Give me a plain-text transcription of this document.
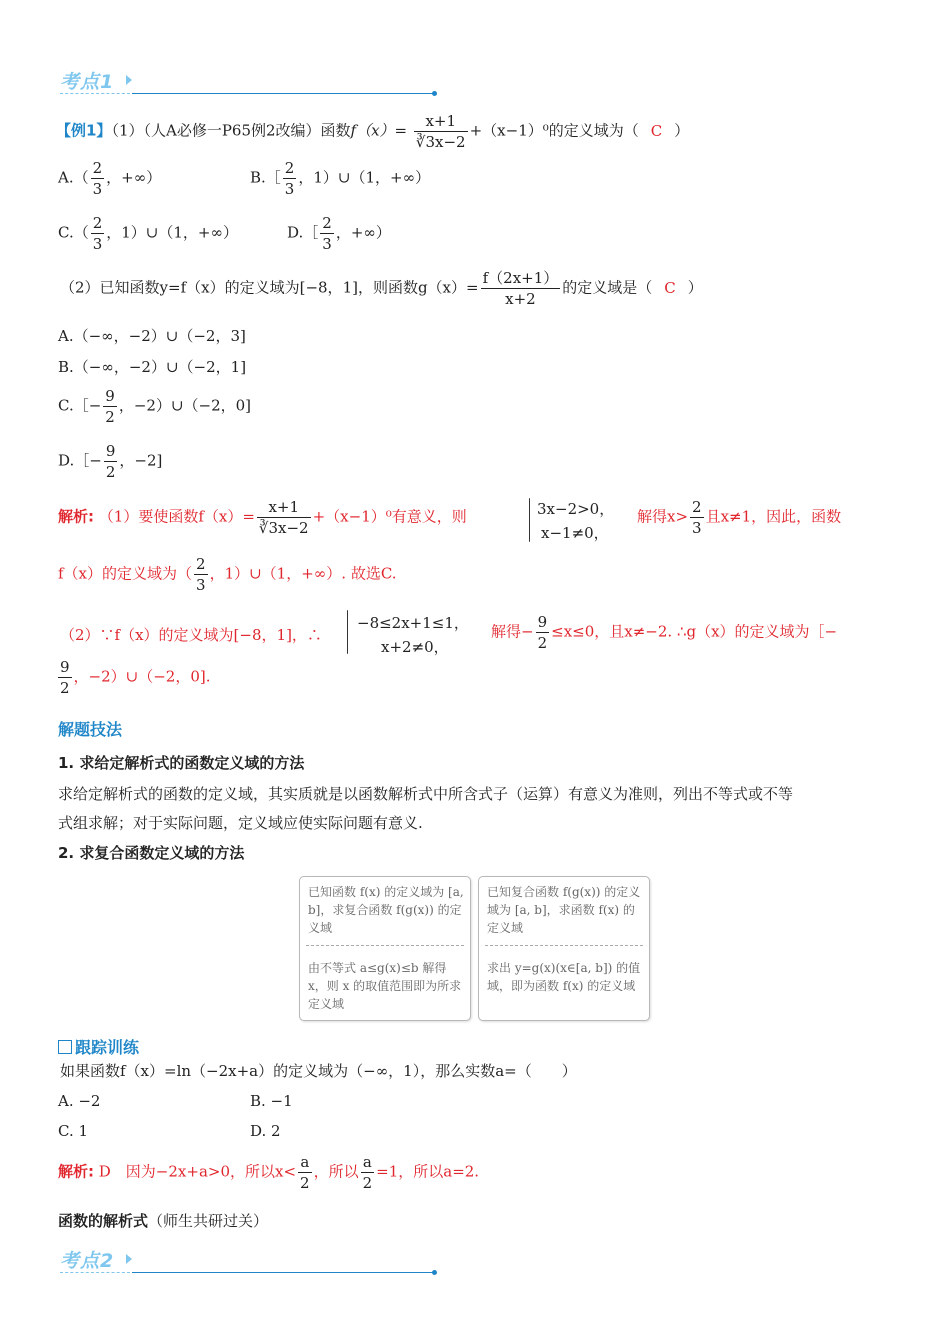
考点1
【例1】（1）（人A必修一P65例2改编）函数$f(x)= \frac{x+1}{∛3x-2} +(x-1)^0$的定义域为（ C ）
$A.( \frac{2}{3}$ ，+∞）	B.［ $\frac{2}{3}$ ，1）∪（1，+∞）
$C.( \frac{2}{3}$ ，1）∪（1，+∞）	D.［ $\frac{2}{3}$ ，+∞）
（2）已知函数y=f（x）的定义域为[−8，1]，则函数$g(x)= \frac{f(2x+1)}{x+2}$ 的定义域是（ C ）
A.（−∞，−2）∪（−2，3]
B.（−∞，−2）∪（−2，1]
C.［− $\frac{9}{2}$ ，−2）∪（−2，0]
D.［− $\frac{9}{2}$ ，−2]
解析: （1）要使函数$f(x)= \frac{x+1}{∛3x-2} +(x-1)^0$有意义，则	3x−2>0，
x−1≠0，
解得$x> \frac{2}{3}$ 且x≠1，因此，函数
f（x）的定义域为（ $\frac{2}{3}$ ，1）∪（1，+∞）. 故选C.
（2）∵f（x）的定义域为[−8，1]，∴
−8≤2x+1≤1，
x+2≠0，
解得− $\frac{9}{2} \le x\le 0$，且x≠−2. ∴g（x）的定义域为［−
$\frac{9}{2}$ ，−2）∪（−2，0].
解题技法
1. 求给定解析式的函数定义域的方法
求给定解析式的函数的定义域，其实质就是以函数解析式中所含式子（运算）有意义为准则，列出不等式或不等
式组求解；对于实际问题，定义域应使实际问题有意义.
2. 求复合函数定义域的方法
已知函数 f(x) 的定义域为 [a, b]，求复合函数 f(g(x)) 的定义域
由不等式 a≤g(x)≤b 解得 x，则 x 的取值范围即为所求定义域
已知复合函数 f(g(x)) 的定义域为 [a, b]，求函数 f(x) 的定义域
求出 y=g(x)(x∈[a, b]) 的值域，即为函数 f(x) 的定义域
跟踪训练
如果函数f（x）=ln（−2x+a）的定义域为（−∞，1），那么实数a=（　　）
A. −2	B. −1
C. 1	D. 2
解析: D　因为−2x+a>0，所以$x< \frac{a}{2}$ ，所以 $\frac{a}{2} =1$，所以a=2.
函数的解析式（师生共研过关）
考点2
